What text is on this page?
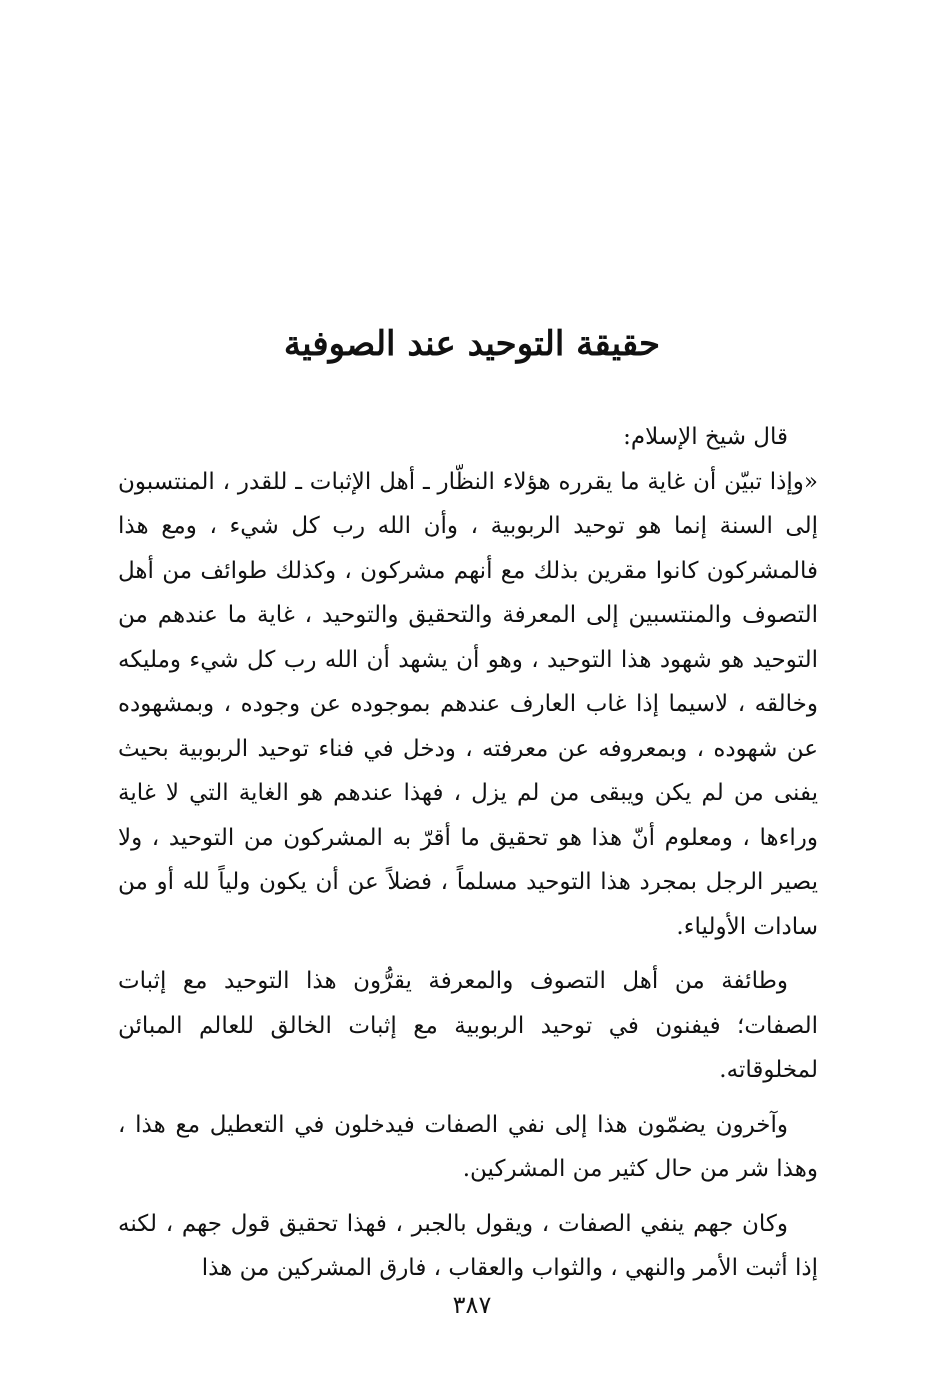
حقيقة التوحيد عند الصوفية

قال شيخ الإسلام:

«وإذا تبيّن أن غاية ما يقرره هؤلاء النظّار ـ أهل الإثبات ـ للقدر ، المنتسبون إلى السنة إنما هو توحيد الربوبية ، وأن الله رب كل شيء ، ومع هذا فالمشركون كانوا مقرين بذلك مع أنهم مشركون ، وكذلك طوائف من أهل التصوف والمنتسبين إلى المعرفة والتحقيق والتوحيد ، غاية ما عندهم من التوحيد هو شهود هذا التوحيد ، وهو أن يشهد أن الله رب كل شيء ومليكه وخالقه ، لاسيما إذا غاب العارف عندهم بموجوده عن وجوده ، وبمشهوده عن شهوده ، وبمعروفه عن معرفته ، ودخل في فناء توحيد الربوبية بحيث يفنى من لم يكن ويبقى من لم يزل ، فهذا عندهم هو الغاية التي لا غاية وراءها ، ومعلوم أنّ هذا هو تحقيق ما أقرّ به المشركون من التوحيد ، ولا يصير الرجل بمجرد هذا التوحيد مسلماً ، فضلاً عن أن يكون ولياً لله أو من سادات الأولياء.

وطائفة من أهل التصوف والمعرفة يقرُّون هذا التوحيد مع إثبات الصفات؛ فيفنون في توحيد الربوبية مع إثبات الخالق للعالم المبائن لمخلوقاته.

وآخرون يضمّون هذا إلى نفي الصفات فيدخلون في التعطيل مع هذا ، وهذا شر من حال كثير من المشركين.

وكان جهم ينفي الصفات ، ويقول بالجبر ، فهذا تحقيق قول جهم ، لكنه إذا أثبت الأمر والنهي ، والثواب والعقاب ، فارق المشركين من هذا

٣٨٧
